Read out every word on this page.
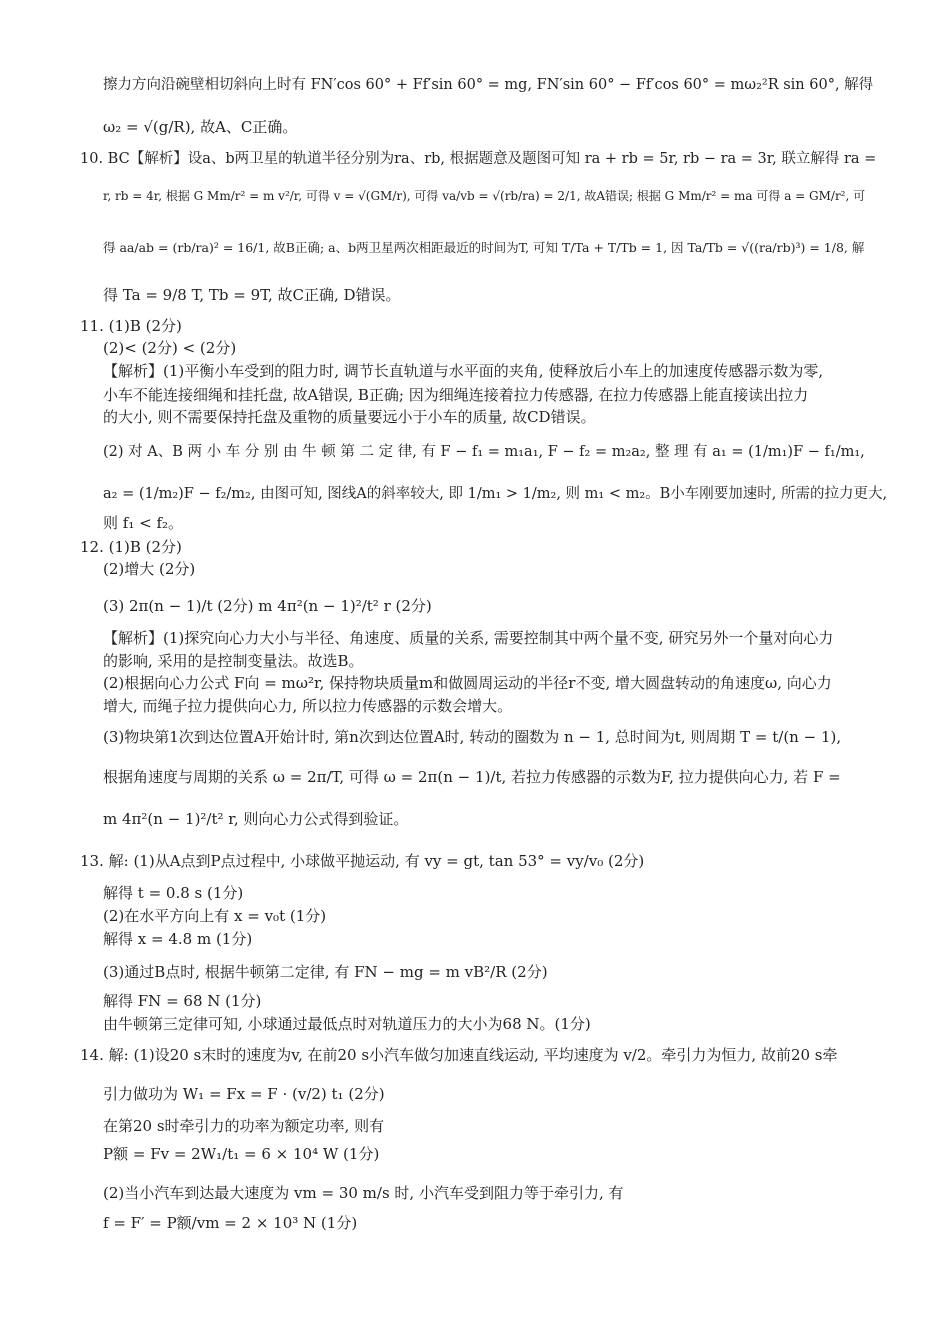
擦力方向沿碗壁相切斜向上时有 FN′cos 60° + Ff′sin 60° = mg, FN′sin 60° − Ff′cos 60° = mω₂²R sin 60°, 解得
ω₂ = √(g/R), 故A、C正确。
10. BC【解析】设a、b两卫星的轨道半径分别为ra、rb, 根据题意及题图可知 ra + rb = 5r, rb − ra = 3r, 联立解得 ra =
r, rb = 4r, 根据 G Mm/r² = m v²/r, 可得 v = √(GM/r), 可得 va/vb = √(rb/ra) = 2/1, 故A错误; 根据 G Mm/r² = ma 可得 a = GM/r², 可
得 aa/ab = (rb/ra)² = 16/1, 故B正确; a、b两卫星两次相距最近的时间为T, 可知 T/Ta + T/Tb = 1, 因 Ta/Tb = √((ra/rb)³) = 1/8, 解
得 Ta = 9/8 T, Tb = 9T, 故C正确, D错误。
11. (1)B (2分)
(2)< (2分) < (2分)
【解析】(1)平衡小车受到的阻力时, 调节长直轨道与水平面的夹角, 使释放后小车上的加速度传感器示数为零,
小车不能连接细绳和挂托盘, 故A错误, B正确; 因为细绳连接着拉力传感器, 在拉力传感器上能直接读出拉力
的大小, 则不需要保持托盘及重物的质量要远小于小车的质量, 故CD错误。
(2) 对 A、B 两 小 车 分 别 由 牛 顿 第 二 定 律, 有 F − f₁ = m₁a₁, F − f₂ = m₂a₂, 整 理 有 a₁ = (1/m₁)F − f₁/m₁,
a₂ = (1/m₂)F − f₂/m₂, 由图可知, 图线A的斜率较大, 即 1/m₁ > 1/m₂, 则 m₁ < m₂。B小车刚要加速时, 所需的拉力更大,
则 f₁ < f₂。
12. (1)B (2分)
(2)增大 (2分)
(3) 2π(n − 1)/t (2分) m 4π²(n − 1)²/t² r (2分)
【解析】(1)探究向心力大小与半径、角速度、质量的关系, 需要控制其中两个量不变, 研究另外一个量对向心力
的影响, 采用的是控制变量法。故选B。
(2)根据向心力公式 F向 = mω²r, 保持物块质量m和做圆周运动的半径r不变, 增大圆盘转动的角速度ω, 向心力
增大, 而绳子拉力提供向心力, 所以拉力传感器的示数会增大。
(3)物块第1次到达位置A开始计时, 第n次到达位置A时, 转动的圈数为 n − 1, 总时间为t, 则周期 T = t/(n − 1),
根据角速度与周期的关系 ω = 2π/T, 可得 ω = 2π(n − 1)/t, 若拉力传感器的示数为F, 拉力提供向心力, 若 F =
m 4π²(n − 1)²/t² r, 则向心力公式得到验证。
13. 解: (1)从A点到P点过程中, 小球做平抛运动, 有 vy = gt, tan 53° = vy/v₀ (2分)
解得 t = 0.8 s (1分)
(2)在水平方向上有 x = v₀t (1分)
解得 x = 4.8 m (1分)
(3)通过B点时, 根据牛顿第二定律, 有 FN − mg = m vB²/R (2分)
解得 FN = 68 N (1分)
由牛顿第三定律可知, 小球通过最低点时对轨道压力的大小为68 N。(1分)
14. 解: (1)设20 s末时的速度为v, 在前20 s小汽车做匀加速直线运动, 平均速度为 v/2。牵引力为恒力, 故前20 s牵
引力做功为 W₁ = Fx = F · (v/2) t₁ (2分)
在第20 s时牵引力的功率为额定功率, 则有
P额 = Fv = 2W₁/t₁ = 6 × 10⁴ W (1分)
(2)当小汽车到达最大速度为 vm = 30 m/s 时, 小汽车受到阻力等于牵引力, 有
f = F′ = P额/vm = 2 × 10³ N (1分)
